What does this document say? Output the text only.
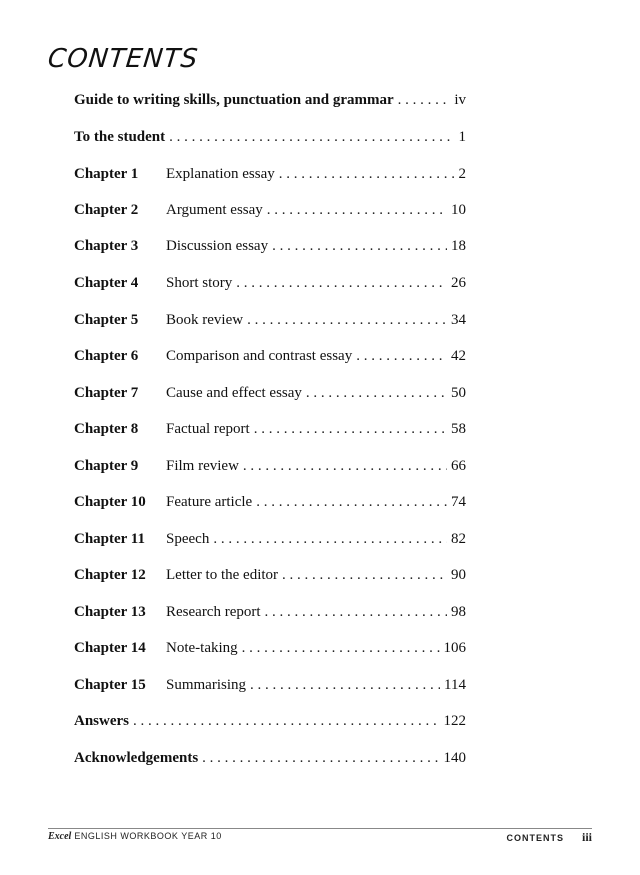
CONTENTS
Guide to writing skills, punctuation and grammar . . .	iv
To the student . . .	1
Chapter 1	Explanation essay . . .	2
Chapter 2	Argument essay . . .	10
Chapter 3	Discussion essay . . .	18
Chapter 4	Short story . . .	26
Chapter 5	Book review . . .	34
Chapter 6	Comparison and contrast essay . . .	42
Chapter 7	Cause and effect essay . . .	50
Chapter 8	Factual report . . .	58
Chapter 9	Film review . . .	66
Chapter 10	Feature article . . .	74
Chapter 11	Speech . . .	82
Chapter 12	Letter to the editor . . .	90
Chapter 13	Research report . . .	98
Chapter 14	Note-taking . . .	106
Chapter 15	Summarising . . .	114
Answers . . .	122
Acknowledgements . . .	140
Excel ENGLISH WORKBOOK YEAR 10	CONTENTS iii
